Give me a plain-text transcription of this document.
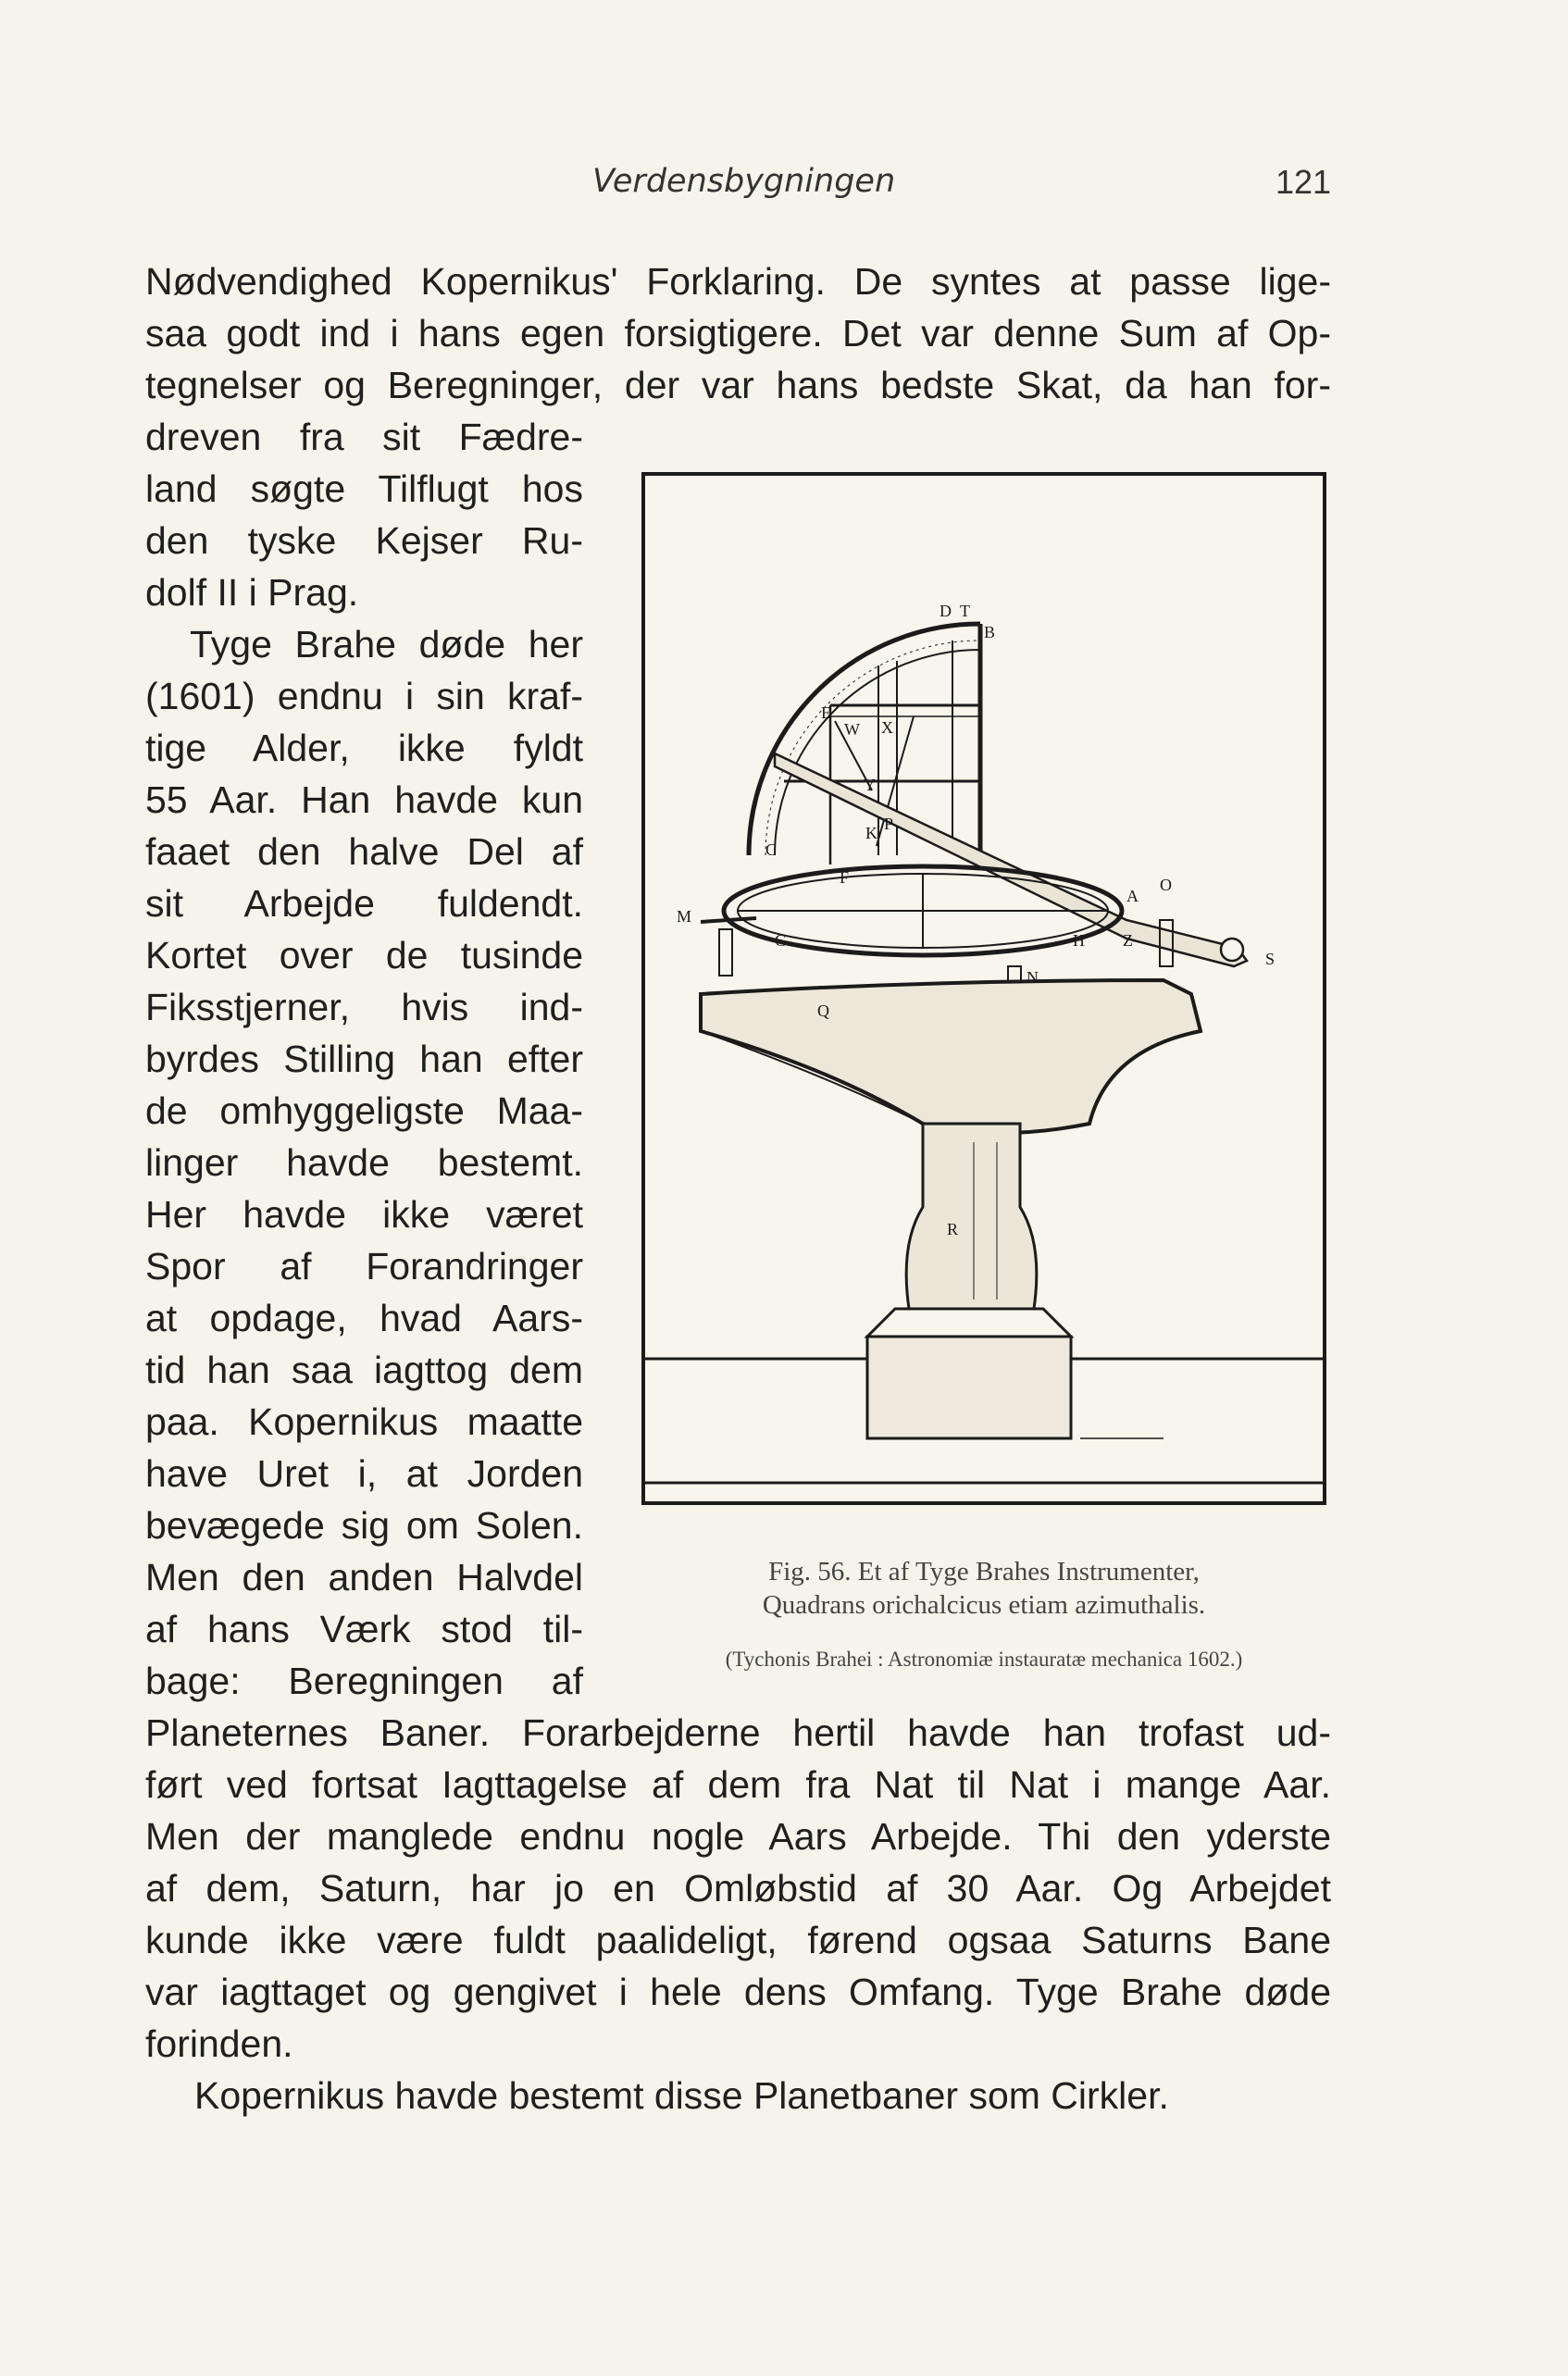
Verdensbygningen	121
Nødvendighed Kopernikus' Forklaring. De syntes at passe lige-
saa godt ind i hans egen forsigtigere. Det var denne Sum af Op-
tegnelser og Beregninger, der var hans bedste Skat, da han for-
dreven fra sit Fædre-
land søgte Tilflugt hos
den tyske Kejser Ru-
dolf II i Prag.
Tyge Brahe døde her
(1601) endnu i sin kraf-
tige Alder, ikke fyldt
55 Aar. Han havde kun
faaet den halve Del af
sit Arbejde fuldendt.
Kortet over de tusinde
Fiksstjerner, hvis ind-
byrdes Stilling han efter
de omhyggeligste Maa-
linger havde bestemt.
Her havde ikke været
Spor af Forandringer
at opdage, hvad Aars-
tid han saa iagttog dem
paa. Kopernikus maatte
have Uret i, at Jorden
bevægede sig om Solen.
Men den anden Halvdel
af hans Værk stod til-
bage: Beregningen af
Planeternes Baner. Forarbejderne hertil havde han trofast ud-
ført ved fortsat Iagttagelse af dem fra Nat til Nat i mange Aar.
Men der manglede endnu nogle Aars Arbejde. Thi den yderste
af dem, Saturn, har jo en Omløbstid af 30 Aar. Og Arbejdet
kunde ikke være fuldt paalideligt, førend ogsaa Saturns Bane
var iagttaget og gengivet i hele dens Omfang. Tyge Brahe døde
forinden.
Kopernikus havde bestemt disse Planetbaner som Cirkler.
B
T
D
E
W X
Y
K P
C
F
A
O
M
G	H Z
S
N
Q
R
Fig. 56. Et af Tyge Brahes Instrumenter,
Quadrans orichalcicus etiam azimuthalis.
(Tychonis Brahei : Astronomiæ instauratæ mechanica 1602.)
